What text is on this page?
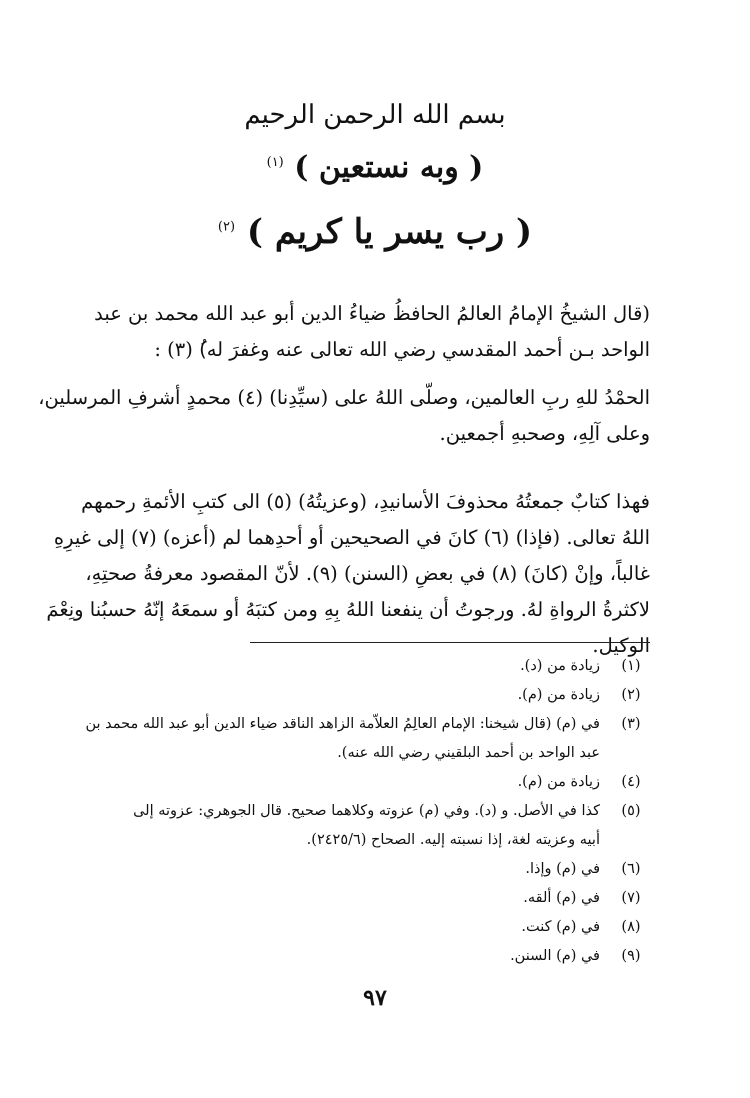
بسم الله الرحمن الرحيم
( وبه نستعين ) $^{(١)}$
( رب يسر يا كريم ) $^{(٢)}$
(قال الشيخُ الإمامُ العالمُ الحافظُ ضياءُ الدين أبو عبد الله محمد بن عبد
الواحد بـن أحمد المقدسي رضي الله تعالى عنه وغفرَ له)ُ (٣) :
الحمْدُ للهِ ربِ العالمين، وصلّى اللهُ على (سيِّدِنا) (٤) محمدٍ أشرفِ المرسلين،
وعلى آلِهِ، وصحبهِ أجمعين.
فهذا كتابٌ جمعتُهُ محذوفَ الأسانيدِ، (وعزيتُهُ) (٥) الى كتبِ الأئمةِ رحمهم
اللهُ تعالى. (فإذا) (٦) كانَ في الصحيحين أو أحدِهما لم (أعزه) (٧) إلى غيرِهِ
غالباً، وإنْ (كانَ) (٨) في بعضِ (السنن) (٩). لأنّ المقصود معرفةُ صحتِهِ،
لاكثرةُ الرواةِ لهُ. ورجوتُ أن ينفعنا اللهُ بِهِ ومن كتبَهُ أو سمعَهُ إنّهُ حسبُنا ونِعْمَ
الوكيل.
(١)
زيادة من (د).
(٢)
زيادة من (م).
(٣)
في (م) (قال شيخنا: الإمام العالِمُ العلاّمة الزاهد الناقد ضياء الدين أبو عبد الله محمد بن
عبد الواحد بن أحمد البلقيني رضي الله عنه).
(٤)
زيادة من (م).
(٥)
كذا في الأصل. و (د). وفي (م) عزوته وكلاهما صحيح. قال الجوهري: عزوته إلى
أبيه وعزيته لغة، إذا نسبته إليه. الصحاح (٢٤٢٥/٦).
(٦)
في (م) وإذا.
(٧)
في (م) ألقه.
(٨)
في (م) كنت.
(٩)
في (م) السنن.
٩٧
